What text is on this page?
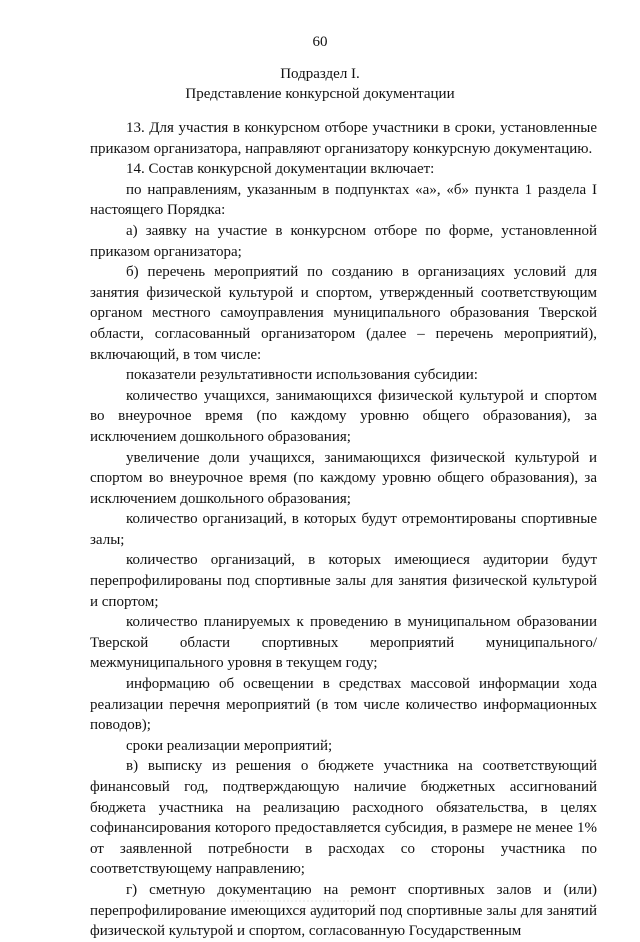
60
Подраздел I.
Представление конкурсной документации

13. Для участия в конкурсном отборе участники в сроки, установленные приказом организатора, направляют организатору конкурсную документацию.

14. Состав конкурсной документации включает:

по направлениям, указанным в подпунктах «а», «б» пункта 1 раздела I настоящего Порядка:

а) заявку на участие в конкурсном отборе по форме, установленной приказом организатора;

б) перечень мероприятий по созданию в организациях условий для занятия физической культурой и спортом, утвержденный соответствующим органом местного самоуправления муниципального образования Тверской области, согласованный организатором (далее – перечень мероприятий), включающий, в том числе:

показатели результативности использования субсидии:

количество учащихся, занимающихся физической культурой и спортом во внеурочное время (по каждому уровню общего образования), за исключением дошкольного образования;

увеличение доли учащихся, занимающихся физической культурой и спортом во внеурочное время (по каждому уровню общего образования), за исключением дошкольного образования;

количество организаций, в которых будут отремонтированы спортивные залы;

количество организаций, в которых имеющиеся аудитории будут перепрофилированы под спортивные залы для занятия физической культурой и спортом;

количество планируемых к проведению в муниципальном образовании Тверской области спортивных мероприятий муниципального/ межмуниципального уровня в текущем году;

информацию об освещении в средствах массовой информации хода реализации перечня мероприятий (в том числе количество информационных поводов);

сроки реализации мероприятий;

в) выписку из решения о бюджете участника на соответствующий финансовый год, подтверждающую наличие бюджетных ассигнований бюджета участника на реализацию расходного обязательства, в целях софинансирования которого предоставляется субсидия, в размере не менее 1% от заявленной потребности в расходах со стороны участника по соответствующему направлению;

г) сметную документацию на ремонт спортивных залов и (или) перепрофилирование имеющихся аудиторий под спортивные залы для занятий физической культурой и спортом, согласованную Государственным
